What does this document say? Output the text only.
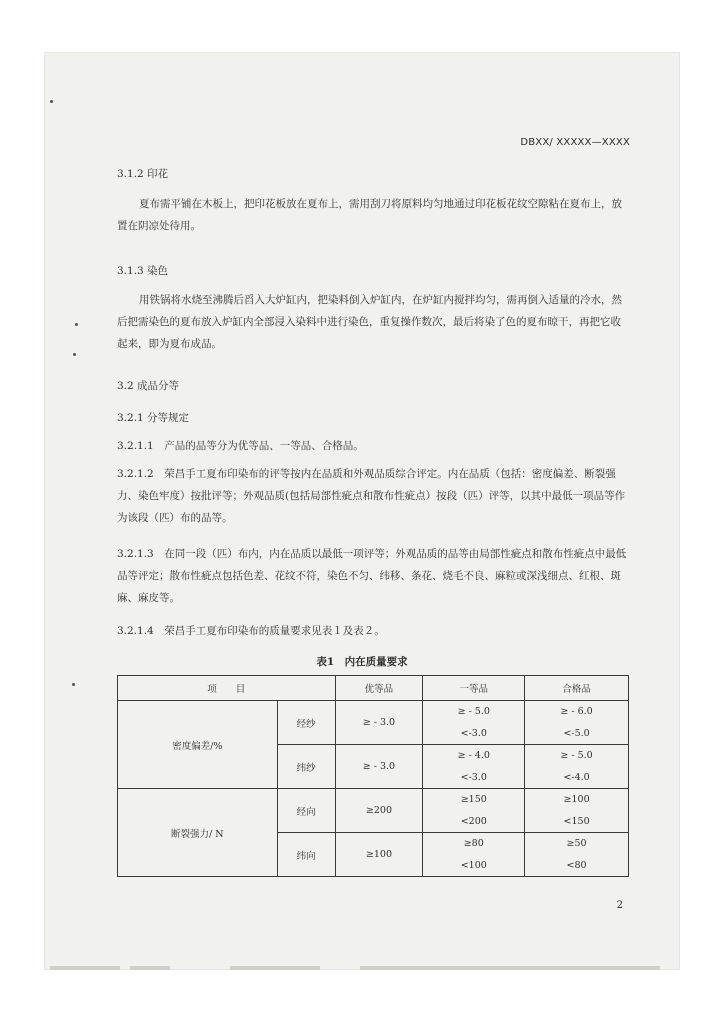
DBXX/ XXXXX—XXXX
3.1.2 印花
夏布需平铺在木板上，把印花板放在夏布上，需用刮刀将原料均匀地通过印花板花纹空隙粘在夏布上，放置在阴凉处待用。
3.1.3 染色
用铁锅将水烧至沸腾后舀入大炉缸内，把染料倒入炉缸内，在炉缸内搅拌均匀，需再倒入适量的冷水，然后把需染色的夏布放入炉缸内全部浸入染料中进行染色，重复操作数次，最后将染了色的夏布晾干，再把它收起来，即为夏布成品。
3.2 成品分等
3.2.1 分等规定
3.2.1.1　产品的品等分为优等品、一等品、合格品。
3.2.1.2　荣昌手工夏布印染布的评等按内在品质和外观品质综合评定。内在品质（包括：密度偏差、断裂强力、染色牢度）按批评等；外观品质(包括局部性疵点和散布性疵点）按段（匹）评等，以其中最低一项品等作为该段（匹）布的品等。
3.2.1.3　在同一段（匹）布内，内在品质以最低一项评等；外观品质的品等由局部性疵点和散布性疵点中最低品等评定；散布性疵点包括色差、花纹不符，染色不匀、纬移、条花、烧毛不良、麻粒或深浅细点、红根、斑麻、麻皮等。
3.2.1.4　荣昌手工夏布印染布的质量要求见表１及表２。
表1　内在质量要求
项　　目		优等品	一等品	合格品
密度偏差/%	经纱	≥ - 3.0	≥ - 5.0	≥ - 6.0
			<-3.0	<-5.0
	纬纱	≥ - 3.0	≥ - 4.0	≥ - 5.0
			<-3.0	<-4.0
断裂强力/ N	经向	≥200	≥150	≥100
			<200	<150
	纬向	≥100	≥80	≥50
			<100	<80
2
